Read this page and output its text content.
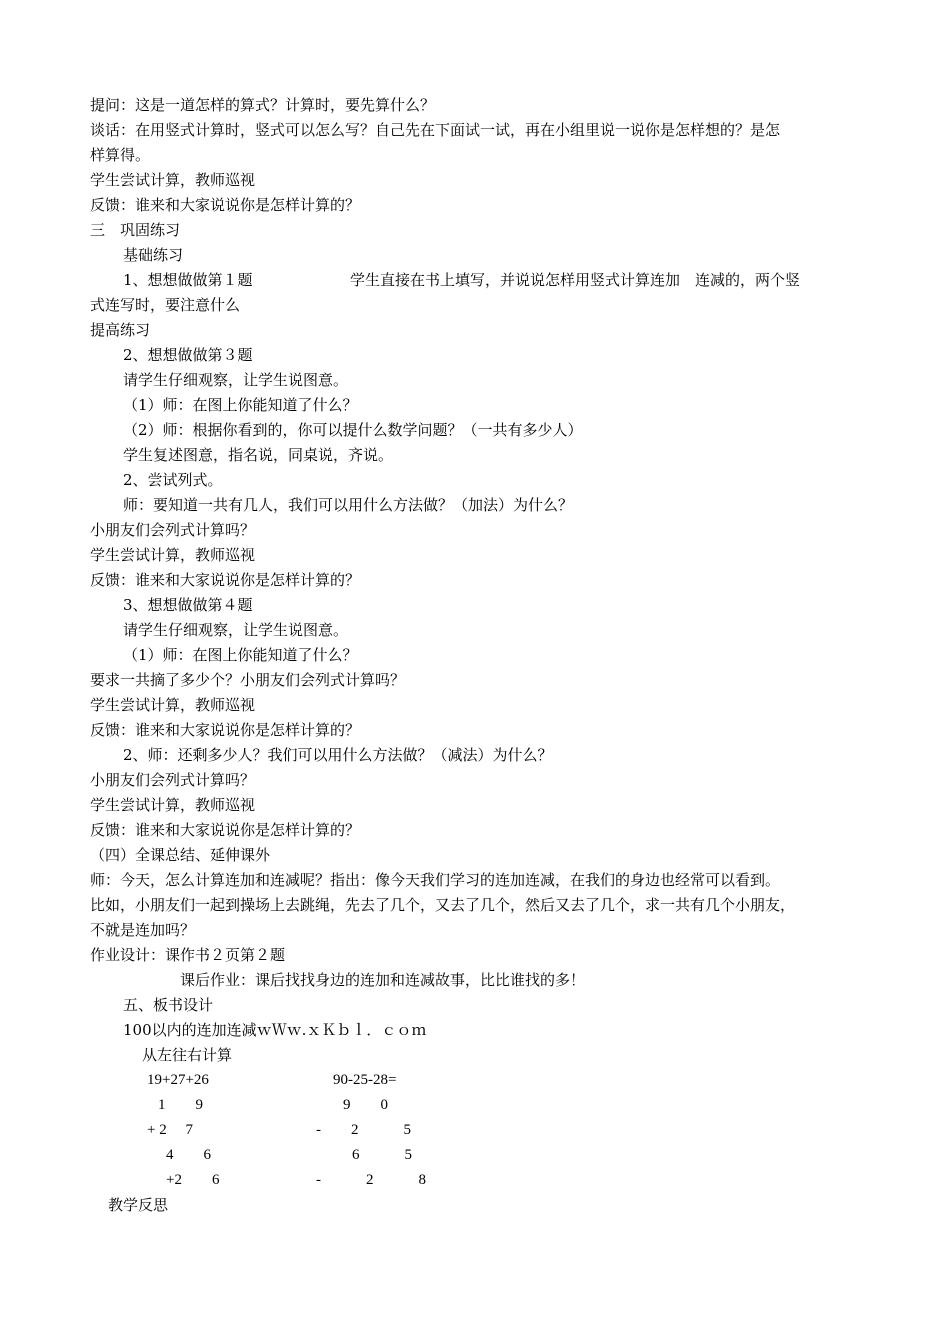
提问：这是一道怎样的算式？计算时，要先算什么？

谈话：在用竖式计算时，竖式可以怎么写？自己先在下面试一试，再在小组里说一说你是怎样想的？是怎

样算得。

学生尝试计算，教师巡视

反馈：谁来和大家说说你是怎样计算的？

三　巩固练习

基础练习

1、想想做做第１题	学生直接在书上填写，并说说怎样用竖式计算连加　连减的，两个竖

式连写时，要注意什么

提高练习

2、想想做做第３题

请学生仔细观察，让学生说图意。

（1）师：在图上你能知道了什么？

（2）师：根据你看到的，你可以提什么数学问题？（一共有多少人）

学生复述图意，指名说，同桌说，齐说。

2、尝试列式。

师：要知道一共有几人，我们可以用什么方法做？（加法）为什么？

小朋友们会列式计算吗？

学生尝试计算，教师巡视

反馈：谁来和大家说说你是怎样计算的？

3、想想做做第４题

请学生仔细观察，让学生说图意。

（1）师：在图上你能知道了什么？

要求一共摘了多少个？小朋友们会列式计算吗？

学生尝试计算，教师巡视

反馈：谁来和大家说说你是怎样计算的？

2、师：还剩多少人？我们可以用什么方法做？（减法）为什么？

小朋友们会列式计算吗？

学生尝试计算，教师巡视

反馈：谁来和大家说说你是怎样计算的？

（四）全课总结、延伸课外

师：今天，怎么计算连加和连减呢？指出：像今天我们学习的连加连减，在我们的身边也经常可以看到。

比如，小朋友们一起到操场上去跳绳，先去了几个，又去了几个，然后又去了几个，求一共有几个小朋友，

不就是连加吗？

作业设计：课作书２页第２题

课后作业：课后找找身边的连加和连减故事，比比谁找的多！

五、板书设计

100以内的连加连减ｗＷｗ.ｘＫｂｌ．ｃｏｍ

从左往右计算

19+27+26	90-25-28=

1　　9	9　　0

+ 2　 7	-　　2　　　5

4　　6	6　　　5

+2　　6	-　　　2　　　8

教学反思
